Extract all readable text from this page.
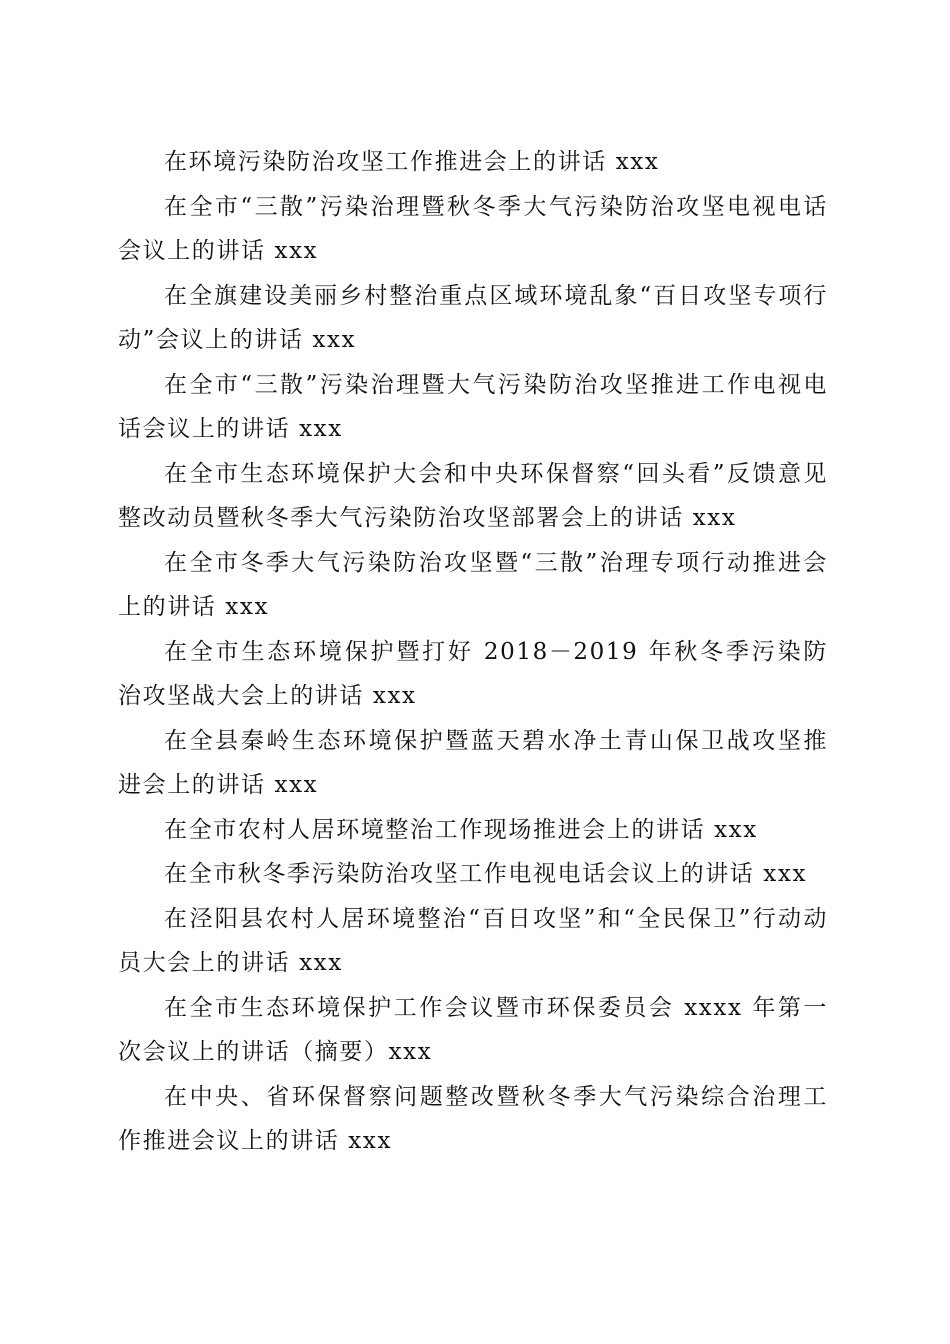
在环境污染防治攻坚工作推进会上的讲话 xxx
在全市“三散”污染治理暨秋冬季大气污染防治攻坚电视电话会议上的讲话 xxx
在全旗建设美丽乡村整治重点区域环境乱象“百日攻坚专项行动”会议上的讲话 xxx
在全市“三散”污染治理暨大气污染防治攻坚推进工作电视电话会议上的讲话 xxx
在全市生态环境保护大会和中央环保督察“回头看”反馈意见整改动员暨秋冬季大气污染防治攻坚部署会上的讲话 xxx
在全市冬季大气污染防治攻坚暨“三散”治理专项行动推进会上的讲话 xxx
在全市生态环境保护暨打好 2018－2019 年秋冬季污染防治攻坚战大会上的讲话 xxx
在全县秦岭生态环境保护暨蓝天碧水净土青山保卫战攻坚推进会上的讲话 xxx
在全市农村人居环境整治工作现场推进会上的讲话 xxx
在全市秋冬季污染防治攻坚工作电视电话会议上的讲话 xxx
在泾阳县农村人居环境整治“百日攻坚”和“全民保卫”行动动员大会上的讲话 xxx
在全市生态环境保护工作会议暨市环保委员会 xxxx 年第一次会议上的讲话（摘要）xxx
在中央、省环保督察问题整改暨秋冬季大气污染综合治理工作推进会议上的讲话 xxx
